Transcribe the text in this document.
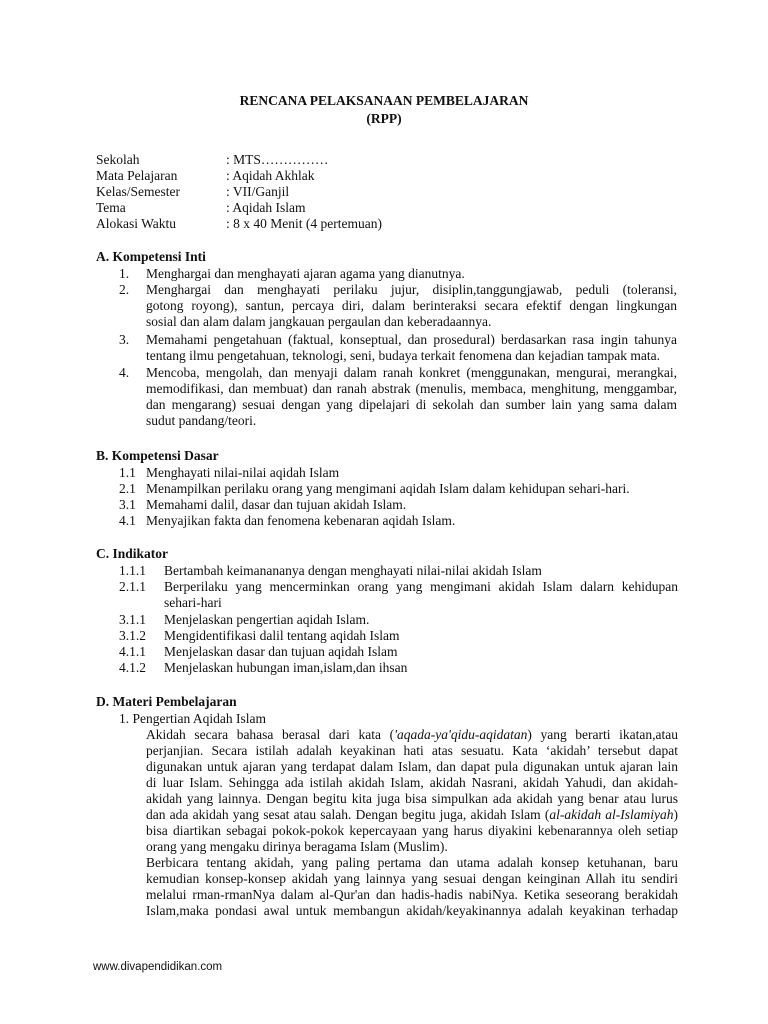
RENCANA PELAKSANAAN PEMBELAJARAN
(RPP)
Sekolah	: MTS……………
Mata Pelajaran	: Aqidah Akhlak
Kelas/Semester	: VII/Ganjil
Tema	: Aqidah Islam
Alokasi Waktu	: 8 x 40 Menit (4 pertemuan)
A. Kompetensi Inti
1. Menghargai dan menghayati ajaran agama yang dianutnya.
2. Menghargai dan menghayati perilaku jujur, disiplin,tanggungjawab, peduli (toleransi,
gotong royong), santun, percaya diri, dalam berinteraksi secara efektif dengan lingkungan
sosial dan alam dalam jangkauan pergaulan dan keberadaannya.
3. Memahami pengetahuan (faktual, konseptual, dan prosedural) berdasarkan rasa ingin tahunya
tentang ilmu pengetahuan, teknologi, seni, budaya terkait fenomena dan kejadian tampak mata.
4. Mencoba, mengolah, dan menyaji dalam ranah konkret (menggunakan, mengurai, merangkai,
memodifikasi, dan membuat) dan ranah abstrak (menulis, membaca, menghitung, menggambar,
dan mengarang) sesuai dengan yang dipelajari di sekolah dan sumber lain yang sama dalam
sudut pandang/teori.
B. Kompetensi Dasar
1.1 Menghayati nilai-nilai aqidah Islam
2.1 Menampilkan perilaku orang yang mengimani aqidah Islam dalam kehidupan sehari-hari.
3.1 Memahami dalil, dasar dan tujuan akidah Islam.
4.1 Menyajikan fakta dan fenomena kebenaran aqidah Islam.
C. Indikator
1.1.1 Bertambah keimanananya dengan menghayati nilai-nilai akidah Islam
2.1.1 Berperilaku yang mencerminkan orang yang mengimani akidah Islam dalarn kehidupan
sehari-hari
3.1.1 Menjelaskan pengertian aqidah Islam.
3.1.2 Mengidentifikasi dalil tentang aqidah Islam
4.1.1 Menjelaskan dasar dan tujuan aqidah Islam
4.1.2 Menjelaskan hubungan iman,islam,dan ihsan
D. Materi Pembelajaran
1. Pengertian Aqidah Islam
Akidah secara bahasa berasal dari kata ('aqada-ya'qidu-aqidatan) yang berarti ikatan,atau
perjanjian. Secara istilah adalah keyakinan hati atas sesuatu. Kata ‘akidah’ tersebut dapat
digunakan untuk ajaran yang terdapat dalam Islam, dan dapat pula digunakan untuk ajaran lain
di luar Islam. Sehingga ada istilah akidah Islam, akidah Nasrani, akidah Yahudi, dan akidah-
akidah yang lainnya. Dengan begitu kita juga bisa simpulkan ada akidah yang benar atau lurus
dan ada akidah yang sesat atau salah. Dengan begitu juga, akidah Islam (al-akidah al-Islamiyah)
bisa diartikan sebagai pokok-pokok kepercayaan yang harus diyakini kebenarannya oleh setiap
orang yang mengaku dirinya beragama Islam (Muslim).
Berbicara tentang akidah, yang paling pertama dan utama adalah konsep ketuhanan, baru
kemudian konsep-konsep akidah yang lainnya yang sesuai dengan keinginan Allah itu sendiri
melalui rman-rmanNya dalam al-Qur'an dan hadis-hadis nabiNya. Ketika seseorang berakidah
Islam,maka pondasi awal untuk membangun akidah/keyakinannya adalah keyakinan terhadap
www.divapendidikan.com
